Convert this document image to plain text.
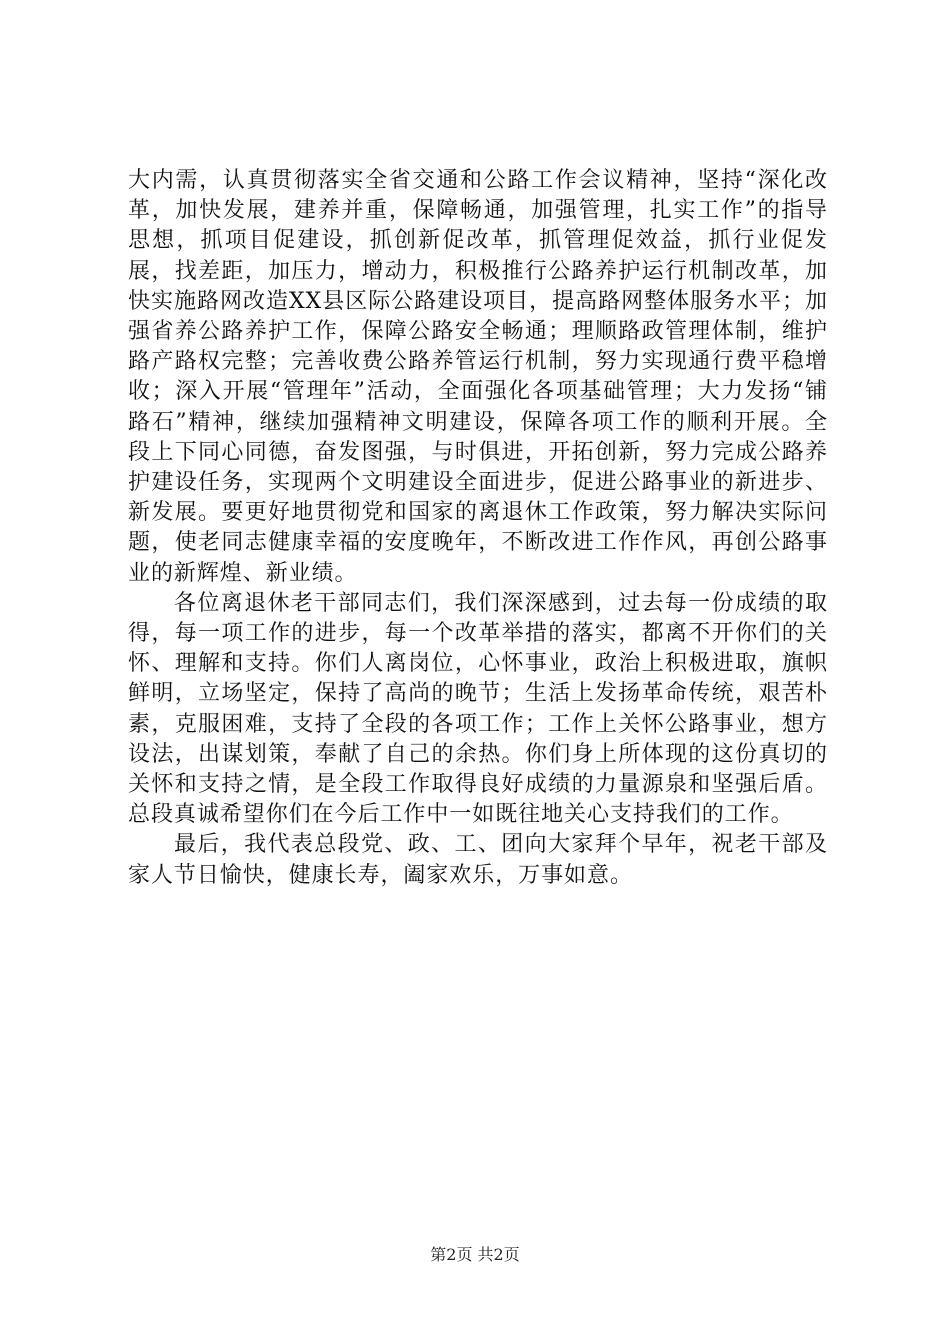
大内需，认真贯彻落实全省交通和公路工作会议精神，坚持“深化改革，加快发展，建养并重，保障畅通，加强管理，扎实工作”的指导思想，抓项目促建设，抓创新促改革，抓管理促效益，抓行业促发展，找差距，加压力，增动力，积极推行公路养护运行机制改革，加快实施路网改造XX县区际公路建设项目，提高路网整体服务水平；加强省养公路养护工作，保障公路安全畅通；理顺路政管理体制，维护路产路权完整；完善收费公路养管运行机制，努力实现通行费平稳增收；深入开展“管理年”活动，全面强化各项基础管理；大力发扬“铺路石”精神，继续加强精神文明建设，保障各项工作的顺利开展。全段上下同心同德，奋发图强，与时俱进，开拓创新，努力完成公路养护建设任务，实现两个文明建设全面进步，促进公路事业的新进步、新发展。要更好地贯彻党和国家的离退休工作政策，努力解决实际问题，使老同志健康幸福的安度晚年，不断改进工作作风，再创公路事业的新辉煌、新业绩。

各位离退休老干部同志们，我们深深感到，过去每一份成绩的取得，每一项工作的进步，每一个改革举措的落实，都离不开你们的关怀、理解和支持。你们人离岗位，心怀事业，政治上积极进取，旗帜鲜明，立场坚定，保持了高尚的晚节；生活上发扬革命传统，艰苦朴素，克服困难，支持了全段的各项工作；工作上关怀公路事业，想方设法，出谋划策，奉献了自己的余热。你们身上所体现的这份真切的关怀和支持之情，是全段工作取得良好成绩的力量源泉和坚强后盾。总段真诚希望你们在今后工作中一如既往地关心支持我们的工作。

最后，我代表总段党、政、工、团向大家拜个早年，祝老干部及家人节日愉快，健康长寿，阖家欢乐，万事如意。

第2页 共2页
